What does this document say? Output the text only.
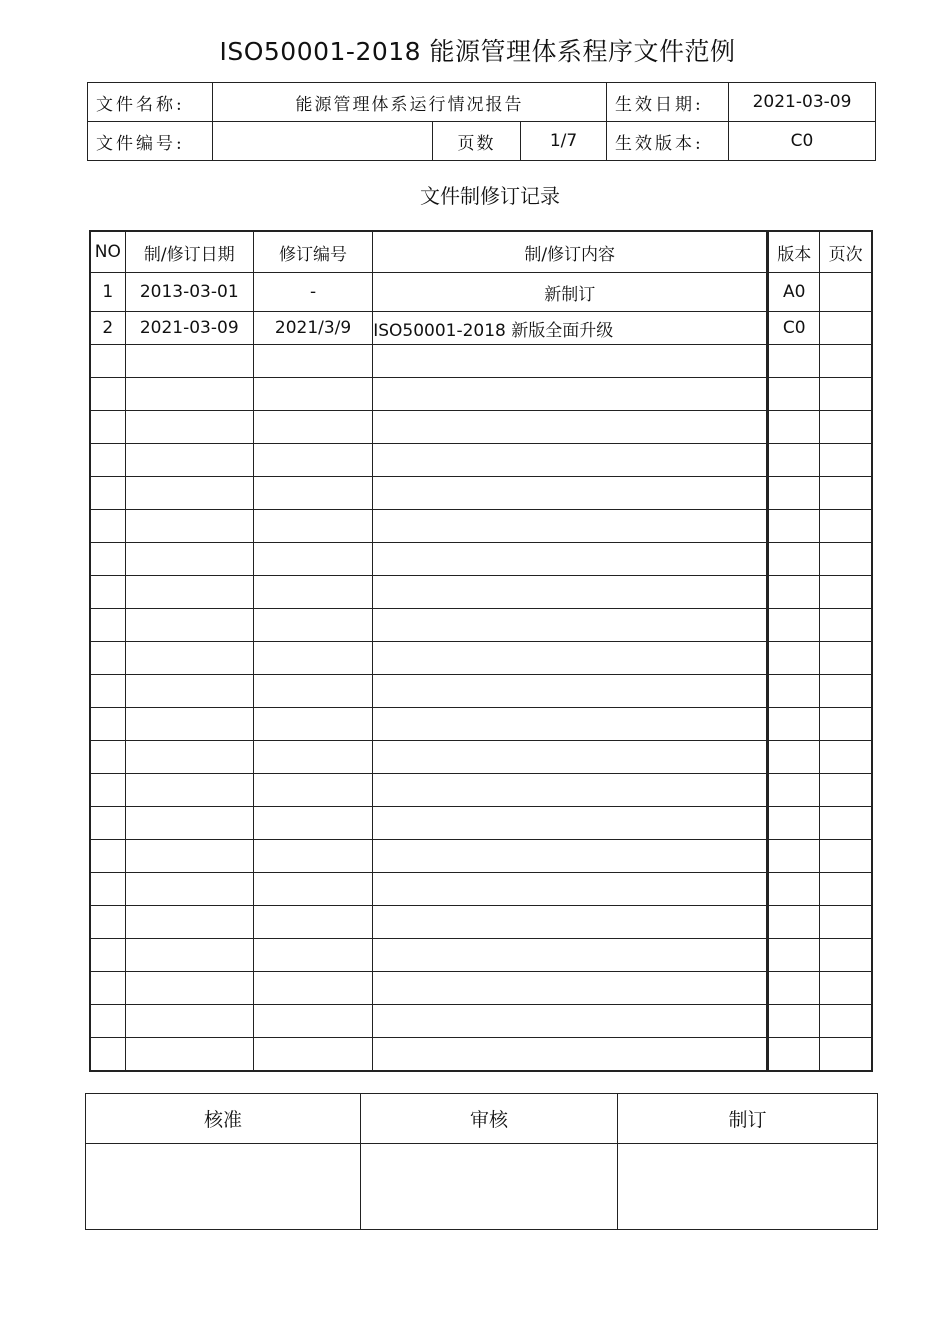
ISO50001-2018 能源管理体系程序文件范例
文件名称:	能源管理体系运行情况报告			生效日期:	2021-03-09
文件编号:		页数	1/7	生效版本:	C0
文件制修订记录
NO	制/修订日期	修订编号	制/修订内容	版本	页次
1	2013-03-01	-	新制订	A0	
2	2021-03-09	2021/3/9	ISO50001-2018 新版全面升级	C0	

核准	审核	制订
